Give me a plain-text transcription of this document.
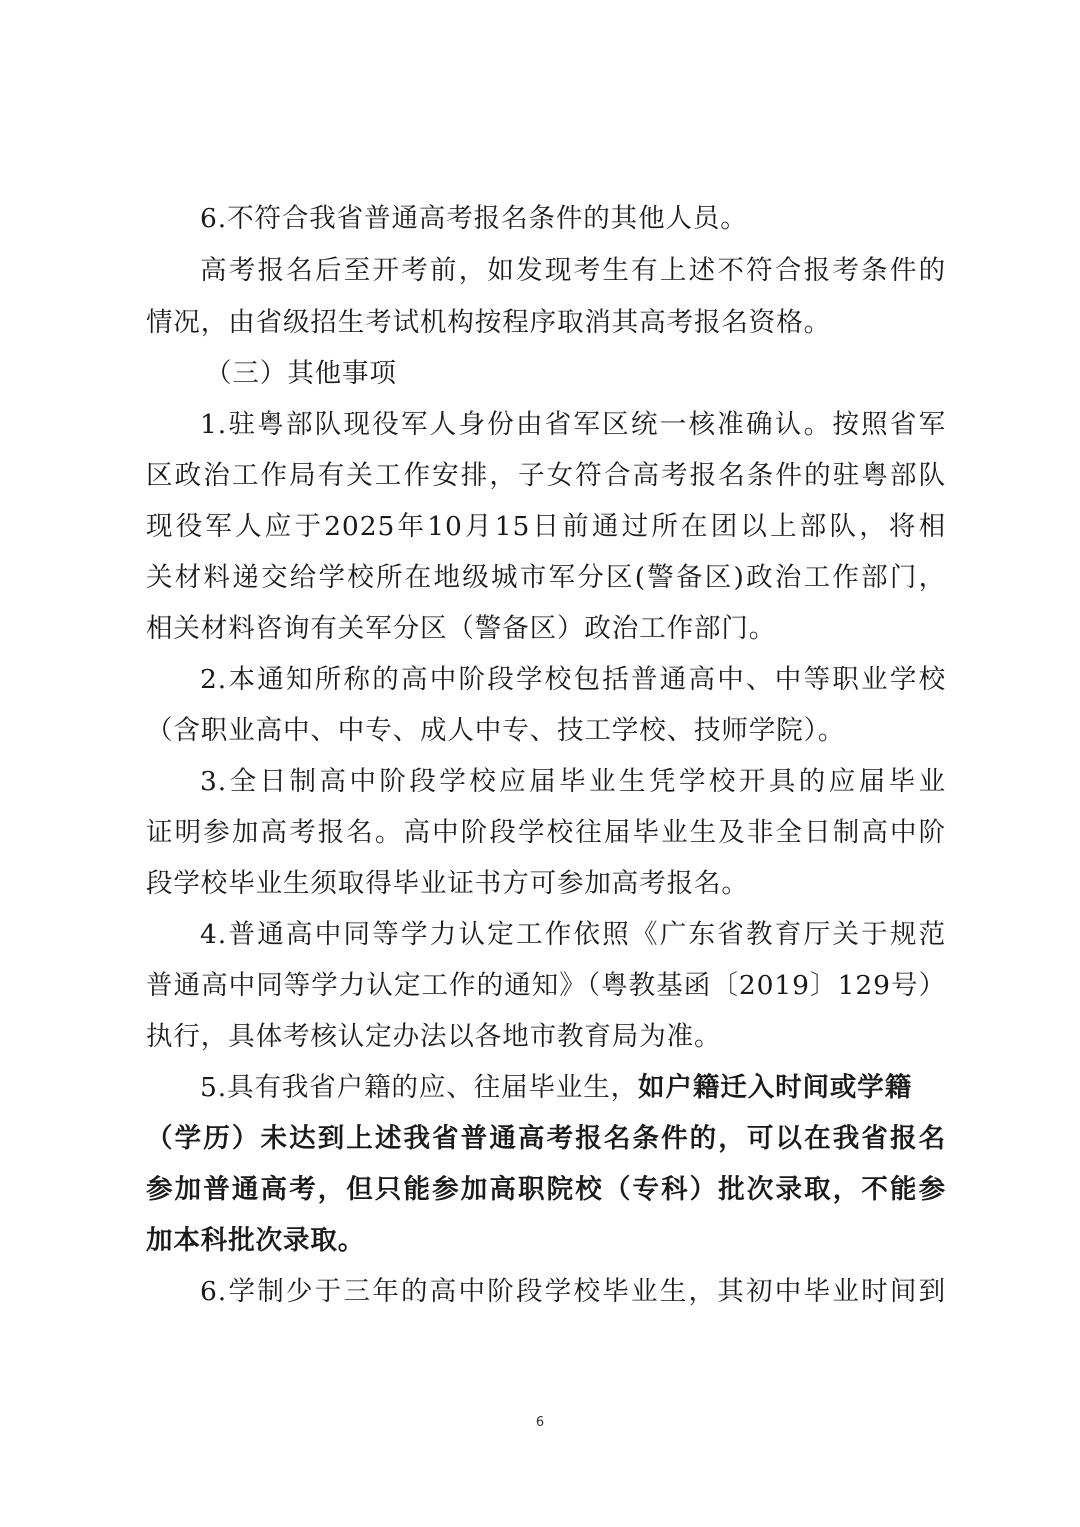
6.不符合我省普通高考报名条件的其他人员。
高考报名后至开考前，如发现考生有上述不符合报考条件的
情况，由省级招生考试机构按程序取消其高考报名资格。
（三）其他事项
1.驻粤部队现役军人身份由省军区统一核准确认。按照省军
区政治工作局有关工作安排，子女符合高考报名条件的驻粤部队
现役军人应于2025年10月15日前通过所在团以上部队，将相
关材料递交给学校所在地级城市军分区(警备区)政治工作部门，
相关材料咨询有关军分区（警备区）政治工作部门。
2.本通知所称的高中阶段学校包括普通高中、中等职业学校
（含职业高中、中专、成人中专、技工学校、技师学院）。
3.全日制高中阶段学校应届毕业生凭学校开具的应届毕业
证明参加高考报名。高中阶段学校往届毕业生及非全日制高中阶
段学校毕业生须取得毕业证书方可参加高考报名。
4.普通高中同等学力认定工作依照《广东省教育厅关于规范
普通高中同等学力认定工作的通知》（粤教基函〔2019〕129号）
执行，具体考核认定办法以各地市教育局为准。
5.具有我省户籍的应、往届毕业生，如户籍迁入时间或学籍
（学历）未达到上述我省普通高考报名条件的，可以在我省报名
参加普通高考，但只能参加高职院校（专科）批次录取，不能参
加本科批次录取。
6.学制少于三年的高中阶段学校毕业生，其初中毕业时间到
6
